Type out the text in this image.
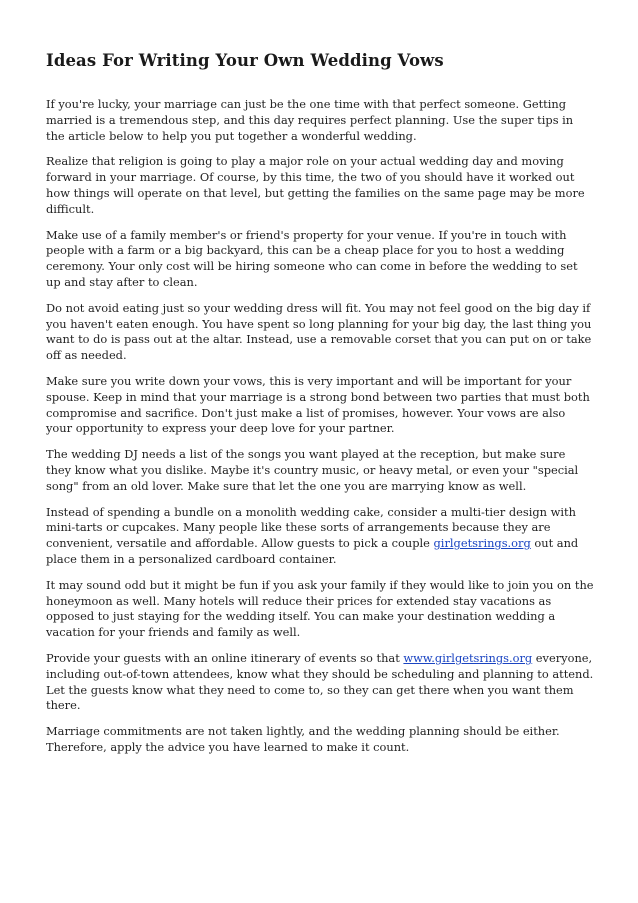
Ideas For Writing Your Own Wedding Vows

If you're lucky, your marriage can just be the one time with that perfect someone. Getting married is a tremendous step, and this day requires perfect planning. Use the super tips in the article below to help you put together a wonderful wedding.

Realize that religion is going to play a major role on your actual wedding day and moving forward in your marriage. Of course, by this time, the two of you should have it worked out how things will operate on that level, but getting the families on the same page may be more difficult.

Make use of a family member's or friend's property for your venue. If you're in touch with people with a farm or a big backyard, this can be a cheap place for you to host a wedding ceremony. Your only cost will be hiring someone who can come in before the wedding to set up and stay after to clean.

Do not avoid eating just so your wedding dress will fit. You may not feel good on the big day if you haven't eaten enough. You have spent so long planning for your big day, the last thing you want to do is pass out at the altar. Instead, use a removable corset that you can put on or take off as needed.

Make sure you write down your vows, this is very important and will be important for your spouse. Keep in mind that your marriage is a strong bond between two parties that must both compromise and sacrifice. Don't just make a list of promises, however. Your vows are also your opportunity to express your deep love for your partner.

The wedding DJ needs a list of the songs you want played at the reception, but make sure they know what you dislike. Maybe it's country music, or heavy metal, or even your "special song" from an old lover. Make sure that let the one you are marrying know as well.

Instead of spending a bundle on a monolith wedding cake, consider a multi-tier design with mini-tarts or cupcakes. Many people like these sorts of arrangements because they are convenient, versatile and affordable. Allow guests to pick a couple girlgetsrings.org out and place them in a personalized cardboard container.

It may sound odd but it might be fun if you ask your family if they would like to join you on the honeymoon as well. Many hotels will reduce their prices for extended stay vacations as opposed to just staying for the wedding itself. You can make your destination wedding a vacation for your friends and family as well.

Provide your guests with an online itinerary of events so that www.girlgetsrings.org everyone, including out-of-town attendees, know what they should be scheduling and planning to attend. Let the guests know what they need to come to, so they can get there when you want them there.

Marriage commitments are not taken lightly, and the wedding planning should be either. Therefore, apply the advice you have learned to make it count.
